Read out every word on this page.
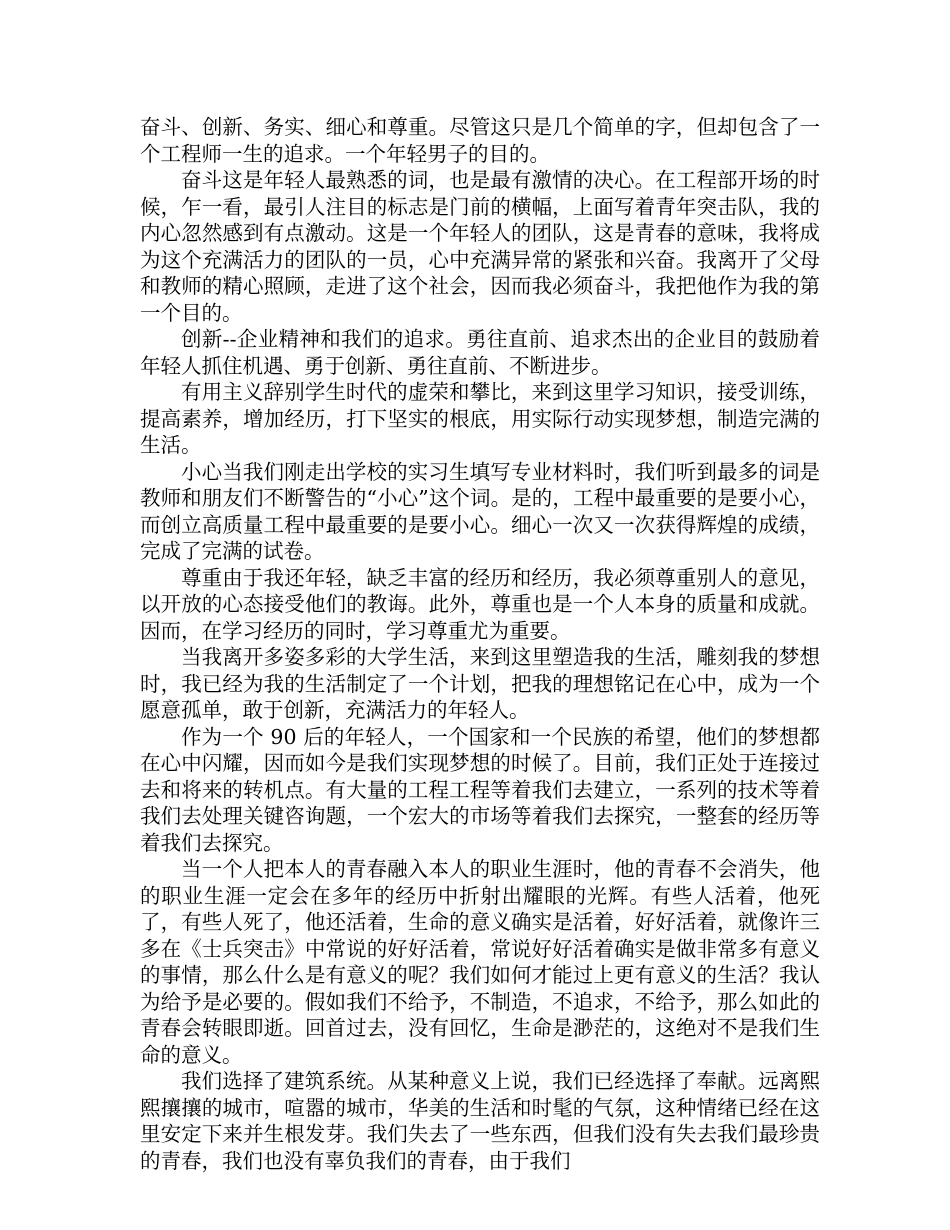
奋斗、创新、务实、细心和尊重。尽管这只是几个简单的字，但却包含了一个工程师一生的追求。一个年轻男子的目的。

奋斗这是年轻人最熟悉的词，也是最有激情的决心。在工程部开场的时候，乍一看，最引人注目的标志是门前的横幅，上面写着青年突击队，我的内心忽然感到有点激动。这是一个年轻人的团队，这是青春的意味，我将成为这个充满活力的团队的一员，心中充满异常的紧张和兴奋。我离开了父母和教师的精心照顾，走进了这个社会，因而我必须奋斗，我把他作为我的第一个目的。

创新--企业精神和我们的追求。勇往直前、追求杰出的企业目的鼓励着年轻人抓住机遇、勇于创新、勇往直前、不断进步。

有用主义辞别学生时代的虚荣和攀比，来到这里学习知识，接受训练，提高素养，增加经历，打下坚实的根底，用实际行动实现梦想，制造完满的生活。

小心当我们刚走出学校的实习生填写专业材料时，我们听到最多的词是教师和朋友们不断警告的“小心”这个词。是的，工程中最重要的是要小心，而创立高质量工程中最重要的是要小心。细心一次又一次获得辉煌的成绩，完成了完满的试卷。

尊重由于我还年轻，缺乏丰富的经历和经历，我必须尊重别人的意见，以开放的心态接受他们的教诲。此外，尊重也是一个人本身的质量和成就。因而，在学习经历的同时，学习尊重尤为重要。

当我离开多姿多彩的大学生活，来到这里塑造我的生活，雕刻我的梦想时，我已经为我的生活制定了一个计划，把我的理想铭记在心中，成为一个愿意孤单，敢于创新，充满活力的年轻人。

作为一个 90 后的年轻人，一个国家和一个民族的希望，他们的梦想都在心中闪耀，因而如今是我们实现梦想的时候了。目前，我们正处于连接过去和将来的转机点。有大量的工程工程等着我们去建立，一系列的技术等着我们去处理关键咨询题，一个宏大的市场等着我们去探究，一整套的经历等着我们去探究。

当一个人把本人的青春融入本人的职业生涯时，他的青春不会消失，他的职业生涯一定会在多年的经历中折射出耀眼的光辉。有些人活着，他死了，有些人死了，他还活着，生命的意义确实是活着，好好活着，就像许三多在《士兵突击》中常说的好好活着，常说好好活着确实是做非常多有意义的事情，那么什么是有意义的呢？我们如何才能过上更有意义的生活？我认为给予是必要的。假如我们不给予，不制造，不追求，不给予，那么如此的青春会转眼即逝。回首过去，没有回忆，生命是渺茫的，这绝对不是我们生命的意义。

我们选择了建筑系统。从某种意义上说，我们已经选择了奉献。远离熙熙攘攘的城市，喧嚣的城市，华美的生活和时髦的气氛，这种情绪已经在这里安定下来并生根发芽。我们失去了一些东西，但我们没有失去我们最珍贵的青春，我们也没有辜负我们的青春，由于我们
